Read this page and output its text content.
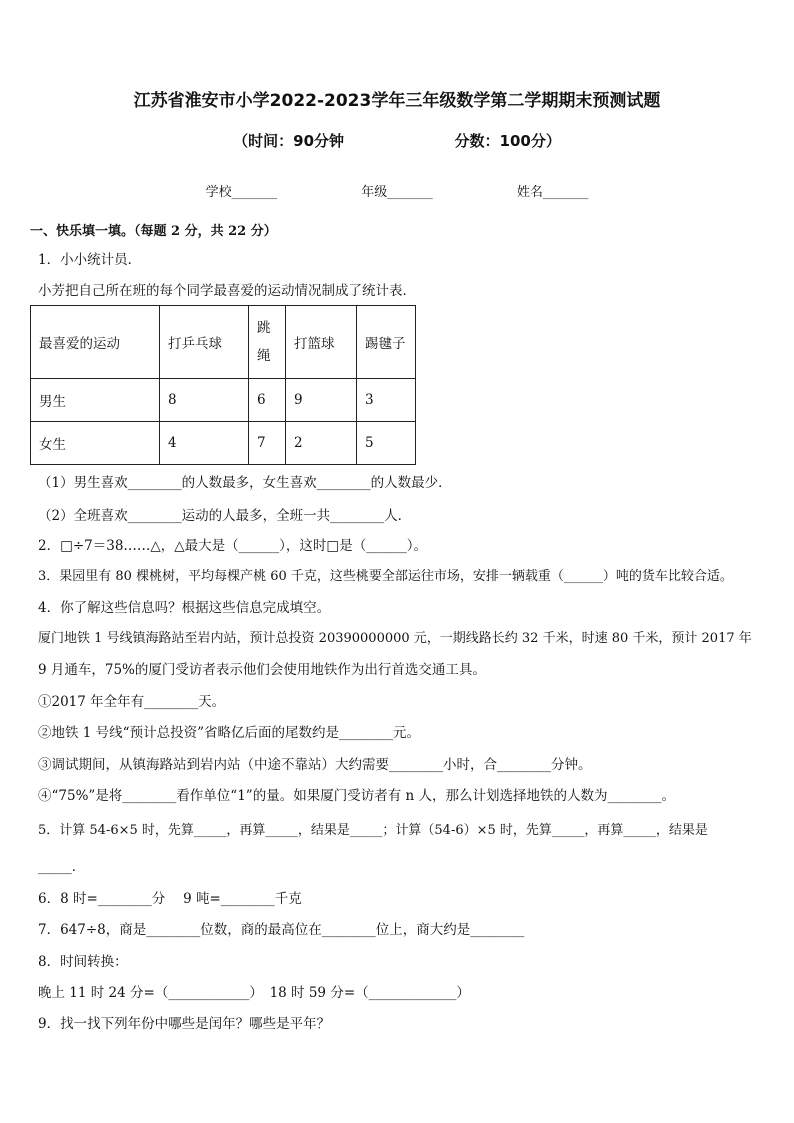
江苏省淮安市小学2022-2023学年三年级数学第二学期期末预测试题
（时间：90分钟	分数：100分）
学校_______	年级_______	姓名_______
一、快乐填一填。（每题 2 分，共 22 分）
1．小小统计员．
小芳把自己所在班的每个同学最喜爱的运动情况制成了统计表．
最喜爱的运动	打乒乓球	跳绳	打篮球	踢毽子
男生	8	6	9	3
女生	4	7	2	5
（1）男生喜欢________的人数最多，女生喜欢________的人数最少．
（2）全班喜欢________运动的人最多，全班一共________人．
2．□÷7＝38……△，△最大是（______），这时□是（______）。
3．果园里有 80 棵桃树，平均每棵产桃 60 千克，这些桃要全部运往市场，安排一辆载重（______）吨的货车比较合适。
4．你了解这些信息吗？根据这些信息完成填空。
厦门地铁 1 号线镇海路站至岩内站，预计总投资 20390000000 元，一期线路长约 32 千米，时速 80 千米，预计 2017 年
9 月通车，75%的厦门受访者表示他们会使用地铁作为出行首选交通工具。
①2017 年全年有________天。
②地铁 1 号线“预计总投资”省略亿后面的尾数约是________元。
③调试期间，从镇海路站到岩内站（中途不靠站）大约需要________小时，合________分钟。
④“75%”是将________看作单位“1”的量。如果厦门受访者有 n 人，那么计划选择地铁的人数为________。
5．计算 54-6×5 时，先算_____，再算_____，结果是_____；计算（54-6）×5 时，先算_____，再算_____，结果是
_____．
6．8 时=________分　 9 吨=________千克
7．647÷8，商是________位数，商的最高位在________位上，商大约是________
8．时间转换：
晚上 11 时 24 分=（____________）　18 时 59 分=（_____________）
9．找一找下列年份中哪些是闰年？哪些是平年？
